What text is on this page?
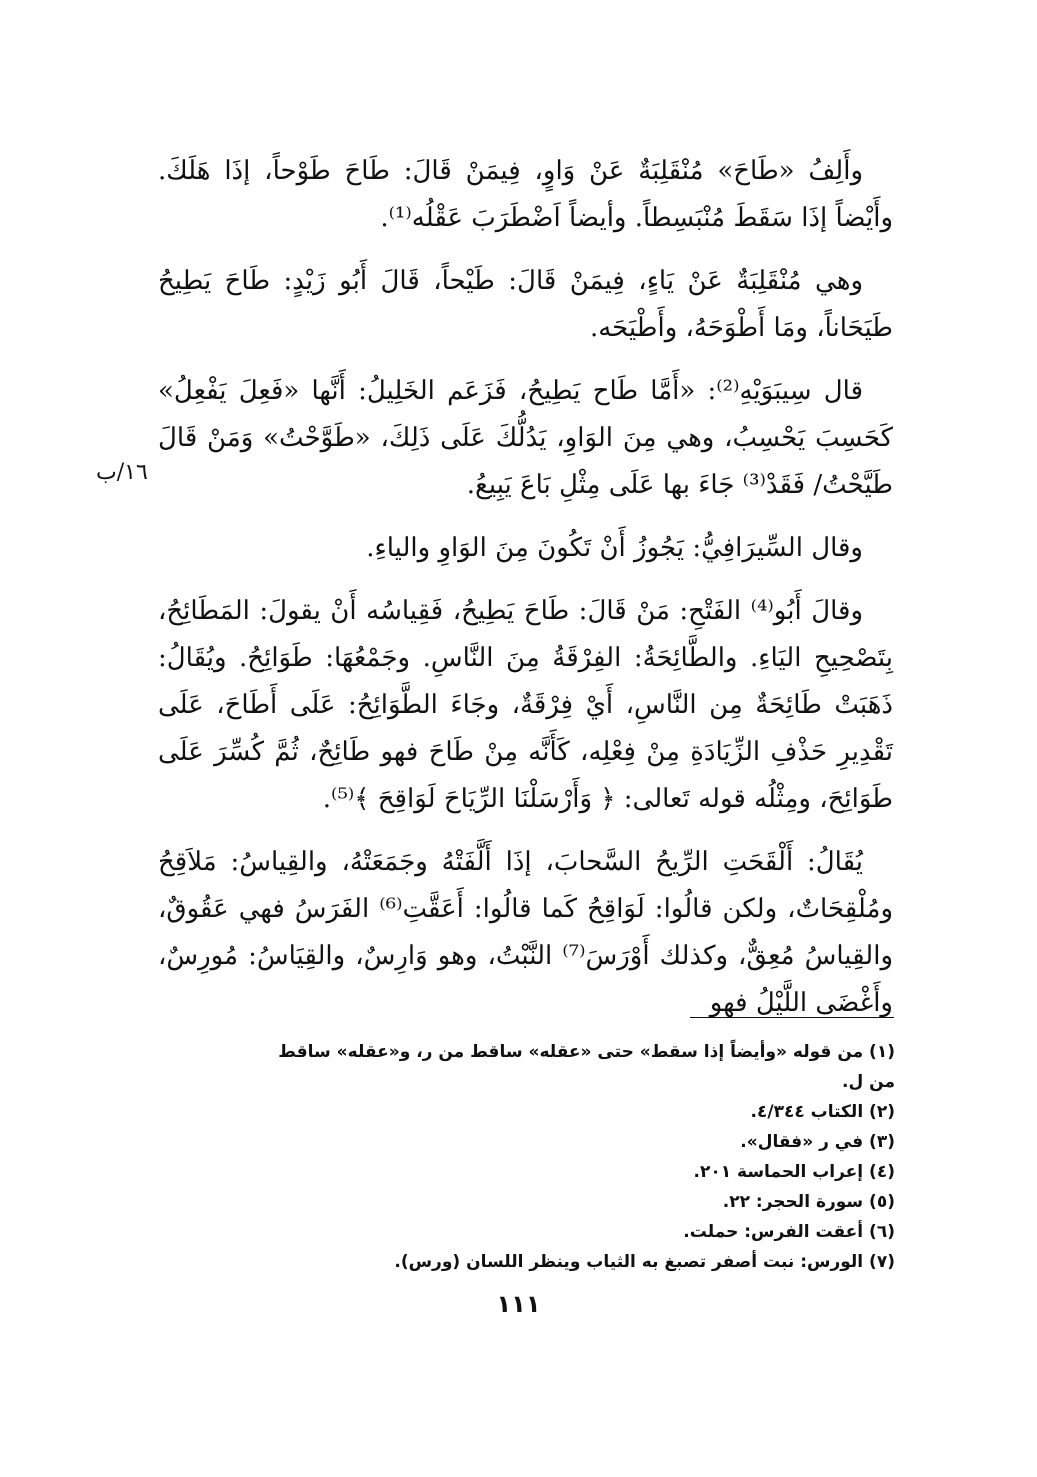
وأَلِفُ «طَاحَ» مُنْقَلِبَةٌ عَنْ وَاوٍ، فِيمَنْ قَالَ: طَاحَ طَوْحاً، إذَا هَلَكَ. وأَيْضاً إذَا سَقَطَ مُنْبَسِطاً. وأيضاً اَضْطَرَبَ عَقْلُه⁽¹⁾.

وهي مُنْقَلِبَةٌ عَنْ يَاءٍ، فِيمَنْ قَالَ: طَيْحاً، قَالَ أَبُو زَيْدٍ: طَاحَ يَطِيحُ طَيَحَاناً، ومَا أَطْوَحَهُ، وأَطْيَحَه.

قال سِيبَوَيْهِ⁽²⁾: «أَمَّا طَاح يَطِيحُ، فَزَعَم الخَلِيلُ: أَنَّها «فَعِلَ يَفْعِلُ» كَحَسِبَ يَحْسِبُ، وهي مِنَ الوَاوِ، يَدُلُّكَ عَلَى ذَلِكَ، «طَوَّحْتُ» وَمَنْ قَالَ طَيَّحْتُ/ فَقَدْ⁽³⁾ جَاءَ بها عَلَى مِثْلِ بَاعَ يَبِيعُ.

وقال السِّيرَافِيُّ: يَجُوزُ أَنْ تَكُونَ مِنَ الوَاوِ والياءِ.

وقالَ أَبُو⁽⁴⁾ الفَتْحِ: مَنْ قَالَ: طَاحَ يَطِيحُ، فَقِياسُه أَنْ يقولَ: المَطَائِحُ، بِتَصْحِيحِ اليَاءِ. والطَّائِحَةُ: الفِرْقَةُ مِنَ النَّاسِ. وجَمْعُهَا: طَوَائِحُ. ويُقَالُ: ذَهَبَتْ طَائِحَةٌ مِن النَّاسِ، أَيْ فِرْقَةٌ، وجَاءَ الطَّوَائِحُ: عَلَى أَطَاحَ، عَلَى تَقْدِيرِ حَذْفِ الزِّيَادَةِ مِنْ فِعْلِه، كَأَنَّه مِنْ طَاحَ فهو طَائِحٌ، ثُمَّ كُسِّرَ عَلَى طَوَائِحَ، ومِثْلُه قوله تَعالى: ﴿ وَأَرْسَلْنَا الرِّيَاحَ لَوَاقِحَ ﴾⁽⁵⁾.

يُقَالُ: أَلْقَحَتِ الرِّيحُ السَّحابَ، إذَا أَلَّفَتْهُ وجَمَعَتْهُ، والقِياسُ: مَلاَقِحُ ومُلْقِحَاتٌ، ولكن قالُوا: لَوَاقِحُ كَما قالُوا: أَعَقَّتِ⁽⁶⁾ الفَرَسُ فهي عَقُوقٌ، والقِياسُ مُعِقٌّ، وكذلك أَوْرَسَ⁽⁷⁾ النَّبْتُ، وهو وَارِسٌ، والقِيَاسُ: مُورِسٌ، وأَغْضَى اللَّيْلُ فهو

١٦/ب

(١) من قوله «وأيضاً إذا سقط» حتى «عقله» ساقط من ر، و«عقله» ساقط من ل.

(٢) الكتاب ٤/٣٤٤.

(٣) في ر «فقال».

(٤) إعراب الحماسة ٢٠١.

(٥) سورة الحجر: ٢٢.

(٦) أعقت الفرس: حملت.

(٧) الورس: نبت أصفر تصبغ به الثياب وينظر اللسان (ورس).

١١١
